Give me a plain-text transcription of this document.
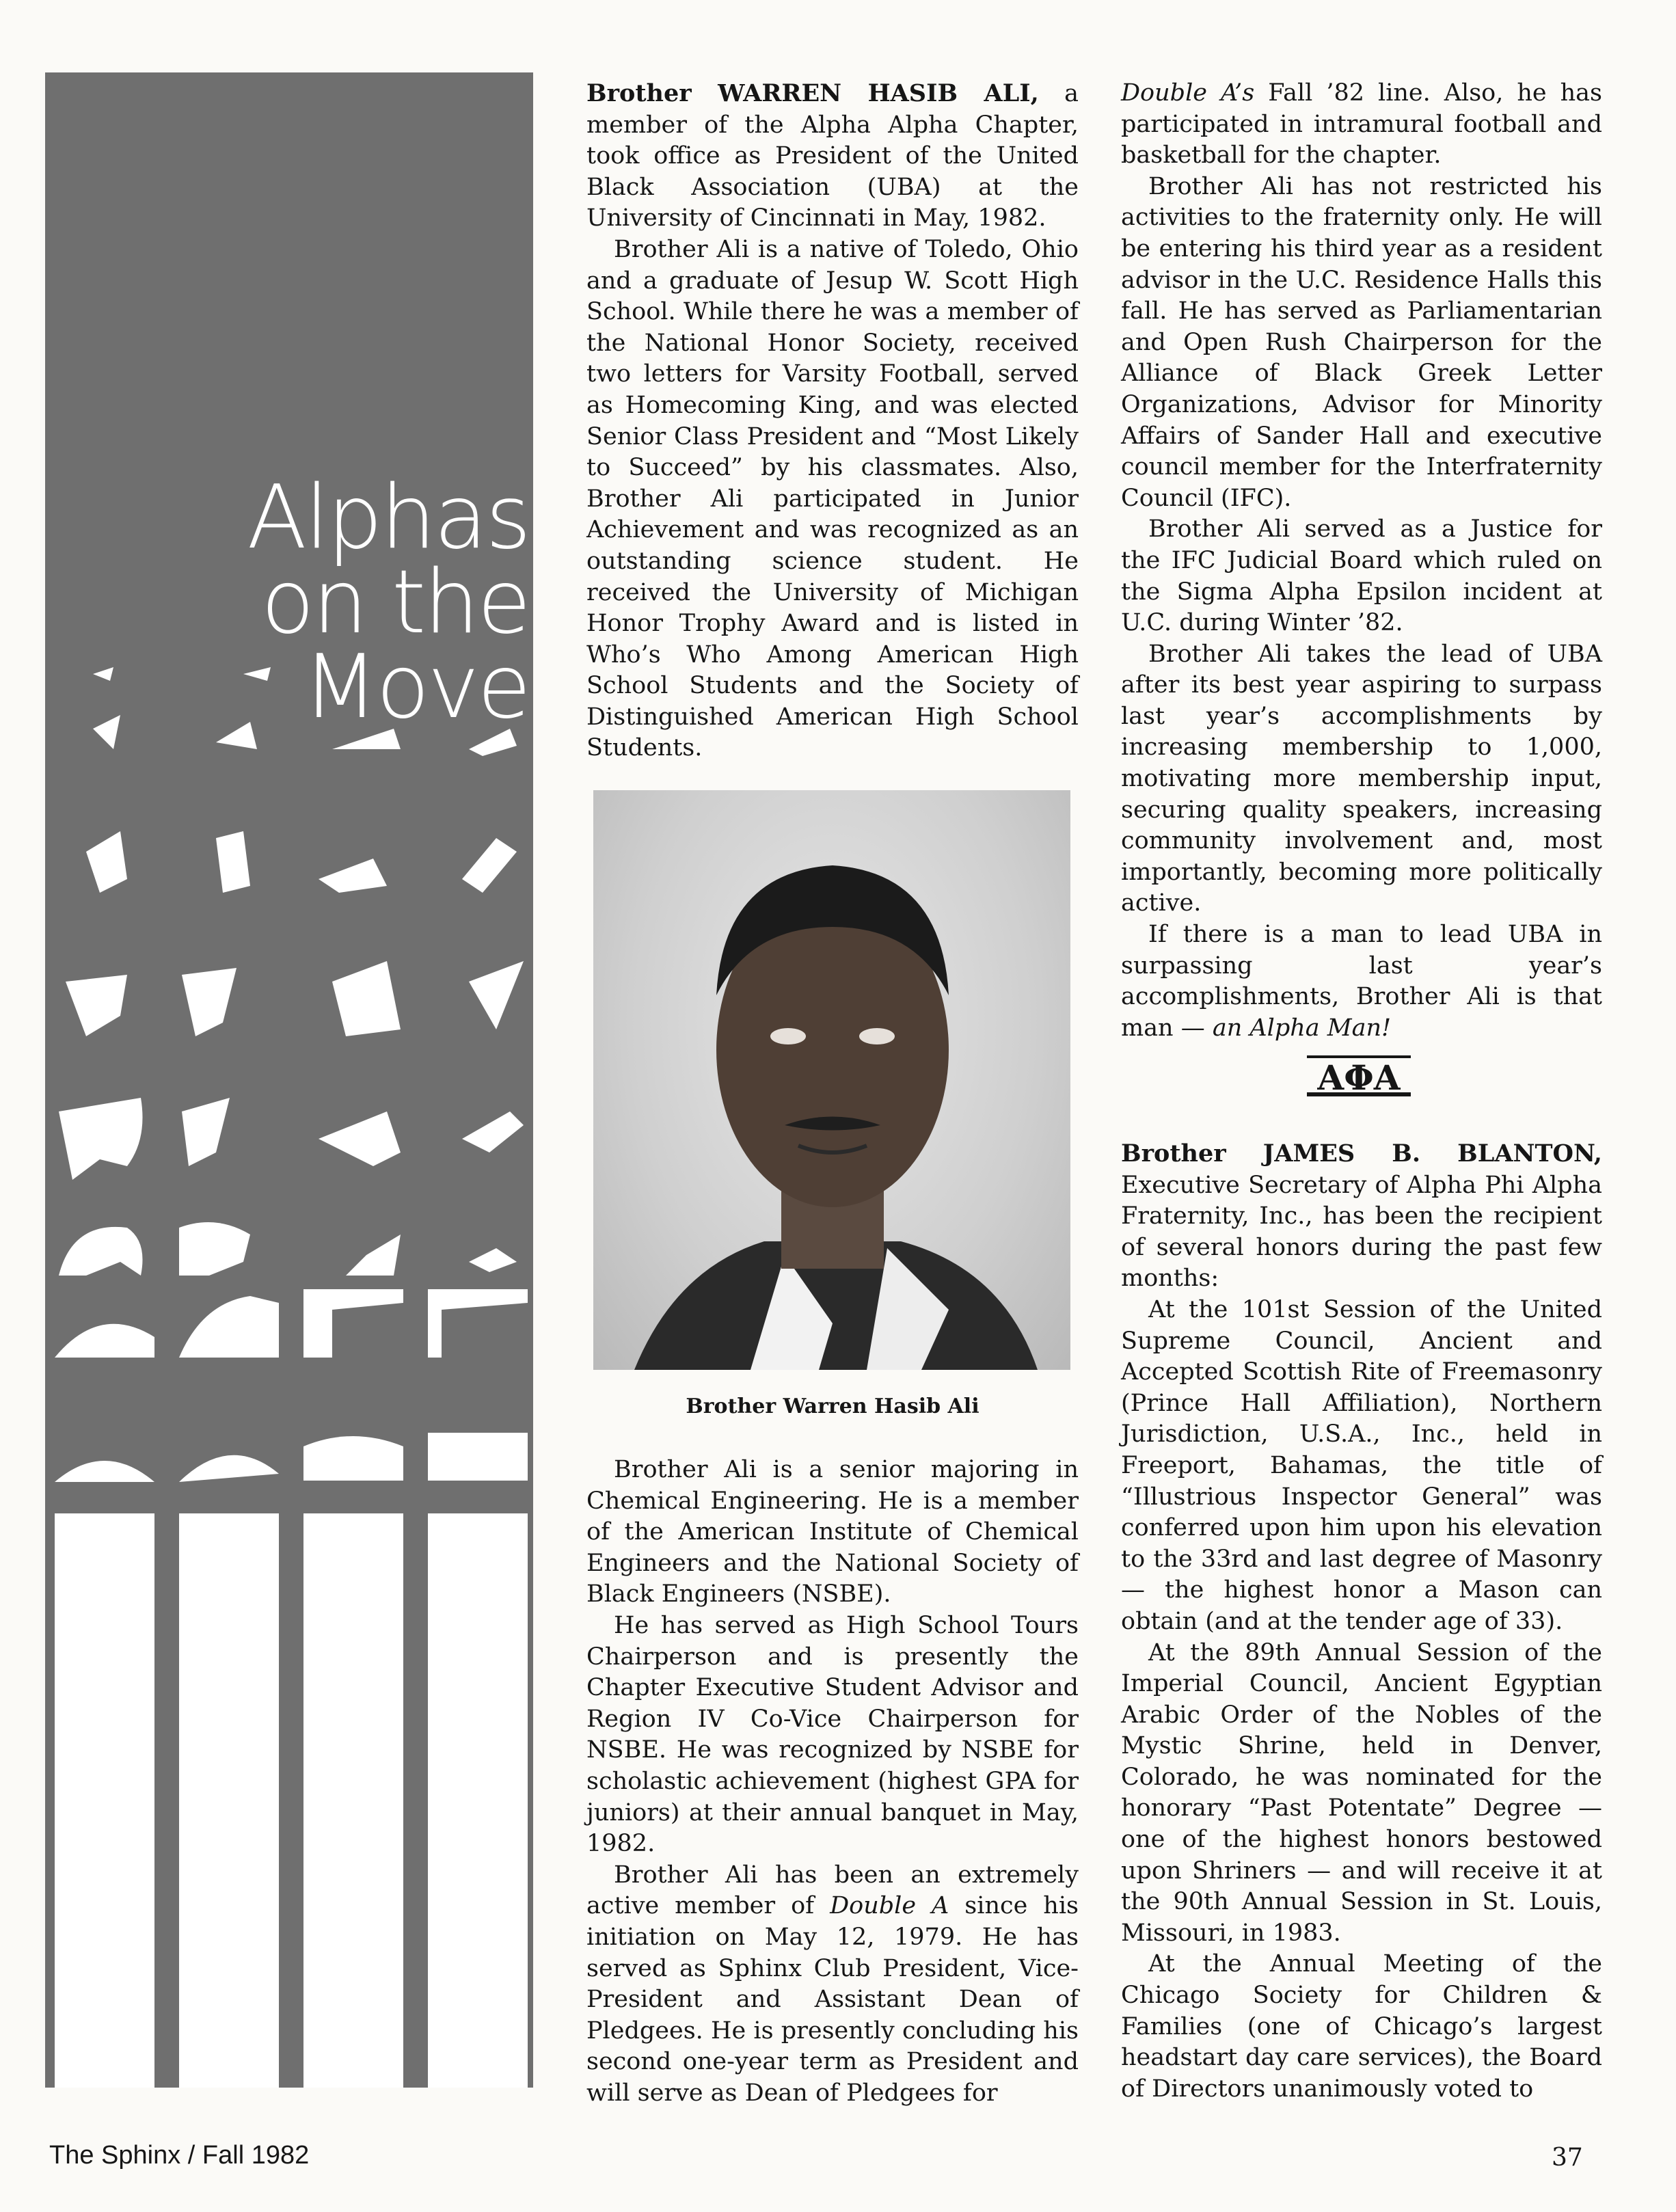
Alphas
on the
Move

Brother WARREN HASIB ALI, a member of the Alpha Alpha Chapter, took office as President of the United Black Association (UBA) at the University of Cincinnati in May, 1982.

Brother Ali is a native of Toledo, Ohio and a graduate of Jesup W. Scott High School. While there he was a member of the National Honor Society, received two letters for Varsity Football, served as Homecoming King, and was elected Senior Class President and “Most Likely to Succeed” by his classmates. Also, Brother Ali participated in Junior Achievement and was recognized as an outstanding science student. He received the University of Michigan Honor Trophy Award and is listed in Who’s Who Among American High School Students and the Society of Distinguished American High School Students.

Brother Warren Hasib Ali

Brother Ali is a senior majoring in Chemical Engineering. He is a member of the American Institute of Chemical Engineers and the National Society of Black Engineers (NSBE).

He has served as High School Tours Chairperson and is presently the Chapter Executive Student Advisor and Region IV Co-Vice Chairperson for NSBE. He was recognized by NSBE for scholastic achievement (highest GPA for juniors) at their annual banquet in May, 1982.

Brother Ali has been an extremely active member of Double A since his initiation on May 12, 1979. He has served as Sphinx Club President, Vice-President and Assistant Dean of Pledgees. He is presently concluding his second one-year term as President and will serve as Dean of Pledgees for

Double A’s Fall ’82 line. Also, he has participated in intramural football and basketball for the chapter.

Brother Ali has not restricted his activities to the fraternity only. He will be entering his third year as a resident advisor in the U.C. Residence Halls this fall. He has served as Parliamentarian and Open Rush Chairperson for the Alliance of Black Greek Letter Organizations, Advisor for Minority Affairs of Sander Hall and executive council member for the Interfraternity Council (IFC).

Brother Ali served as a Justice for the IFC Judicial Board which ruled on the Sigma Alpha Epsilon incident at U.C. during Winter ’82.

Brother Ali takes the lead of UBA after its best year aspiring to surpass last year’s accomplishments by increasing membership to 1,000, motivating more membership input, securing quality speakers, increasing community involvement and, most importantly, becoming more politically active.

If there is a man to lead UBA in surpassing last year’s accomplishments, Brother Ali is that man — an Alpha Man!

AΦA

Brother JAMES B. BLANTON, Executive Secretary of Alpha Phi Alpha Fraternity, Inc., has been the recipient of several honors during the past few months:

At the 101st Session of the United Supreme Council, Ancient and Accepted Scottish Rite of Freemasonry (Prince Hall Affiliation), Northern Jurisdiction, U.S.A., Inc., held in Freeport, Bahamas, the title of “Illustrious Inspector General” was conferred upon him upon his elevation to the 33rd and last degree of Masonry — the highest honor a Mason can obtain (and at the tender age of 33).

At the 89th Annual Session of the Imperial Council, Ancient Egyptian Arabic Order of the Nobles of the Mystic Shrine, held in Denver, Colorado, he was nominated for the honorary “Past Potentate” Degree — one of the highest honors bestowed upon Shriners — and will receive it at the 90th Annual Session in St. Louis, Missouri, in 1983.

At the Annual Meeting of the Chicago Society for Children & Families (one of Chicago’s largest headstart day care services), the Board of Directors unanimously voted to

The Sphinx / Fall 1982	37
